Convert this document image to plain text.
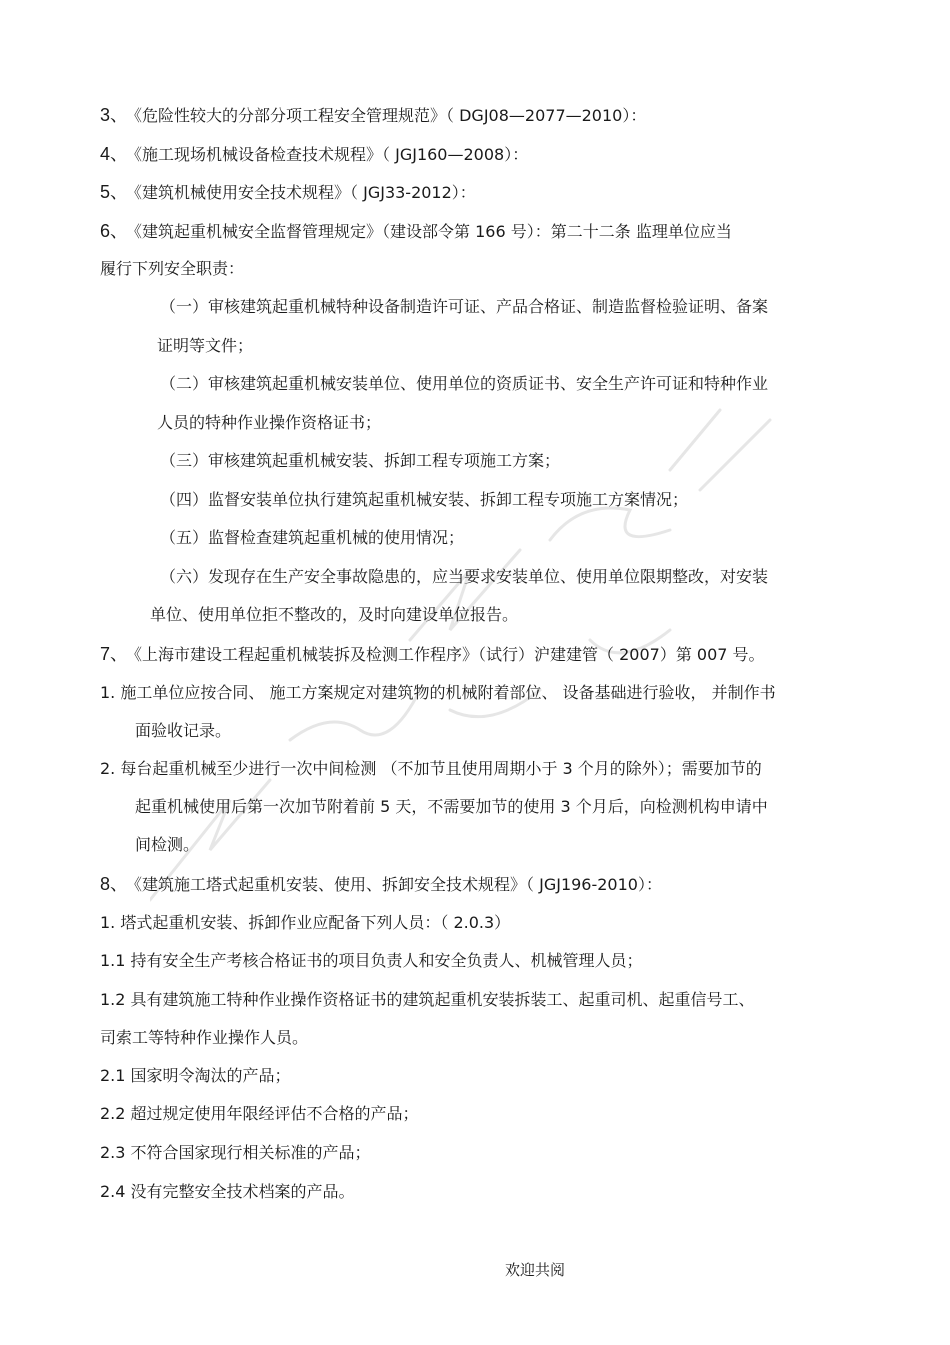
3、 《危险性较大的分部分项工程安全管理规范》（ DGJ08—2077—2010）：
4、 《施工现场机械设备检查技术规程》（ JGJ160—2008）：
5、 《建筑机械使用安全技术规程》（ JGJ33-2012）：
6、 《建筑起重机械安全监督管理规定》（建设部令第 166 号）：第二十二条 监理单位应当
履行下列安全职责：
（一）审核建筑起重机械特种设备制造许可证、产品合格证、制造监督检验证明、备案
证明等文件；
（二）审核建筑起重机械安装单位、使用单位的资质证书、安全生产许可证和特种作业
人员的特种作业操作资格证书；
（三）审核建筑起重机械安装、拆卸工程专项施工方案；
（四）监督安装单位执行建筑起重机械安装、拆卸工程专项施工方案情况；
（五）监督检查建筑起重机械的使用情况；
（六）发现存在生产安全事故隐患的，应当要求安装单位、使用单位限期整改，对安装
单位、使用单位拒不整改的，及时向建设单位报告。
7、 《上海市建设工程起重机械装拆及检测工作程序》（试行）沪建建管（ 2007）第 007 号。
1. 施工单位应按合同、 施工方案规定对建筑物的机械附着部位、 设备基础进行验收， 并制作书
面验收记录。
2. 每台起重机械至少进行一次中间检测 （不加节且使用周期小于 3 个月的除外）；需要加节的
起重机械使用后第一次加节附着前 5 天，不需要加节的使用 3 个月后，向检测机构申请中
间检测。
8、 《建筑施工塔式起重机安装、使用、拆卸安全技术规程》（ JGJ196-2010）：
1. 塔式起重机安装、拆卸作业应配备下列人员：（ 2.0.3）
1.1 持有安全生产考核合格证书的项目负责人和安全负责人、机械管理人员；
1.2 具有建筑施工特种作业操作资格证书的建筑起重机安装拆装工、起重司机、起重信号工、
司索工等特种作业操作人员。
2.1 国家明令淘汰的产品；
2.2 超过规定使用年限经评估不合格的产品；
2.3 不符合国家现行相关标准的产品；
2.4 没有完整安全技术档案的产品。
欢迎共阅
